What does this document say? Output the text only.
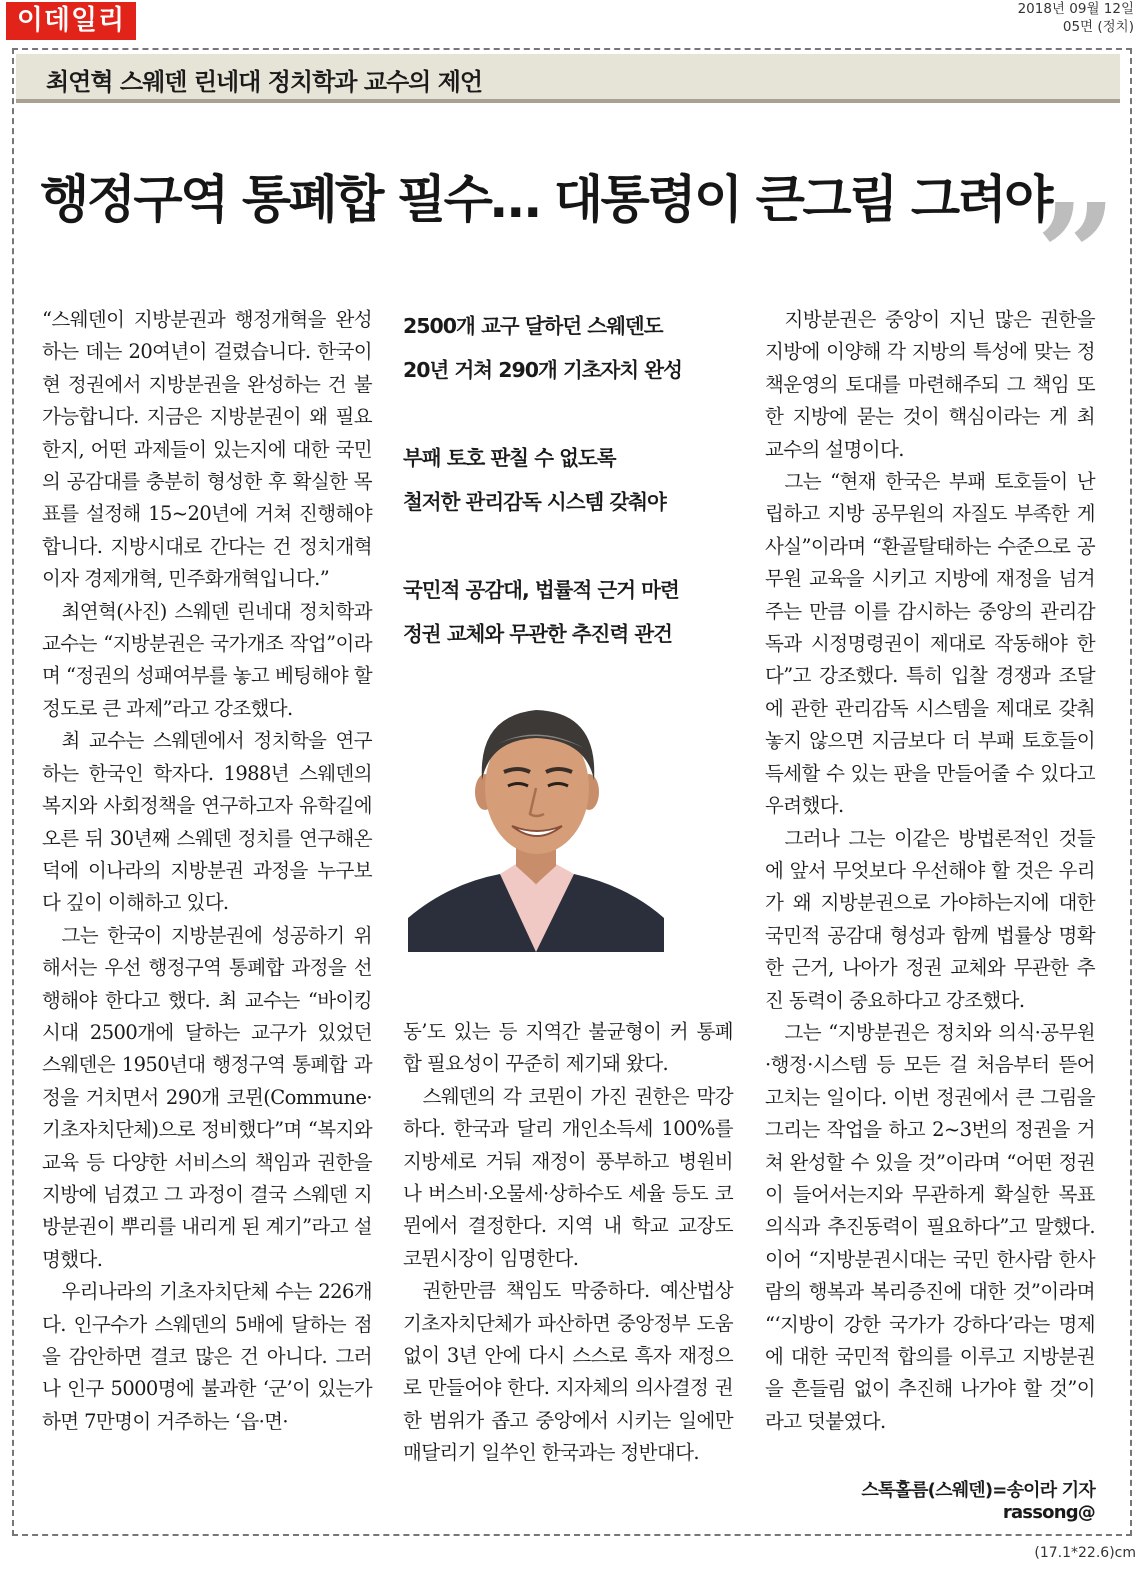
이데일리	2018년 09월 12일
05면 (정치)
최연혁 스웨덴 린네대 정치학과 교수의 제언
행정구역 통폐합 필수… 대통령이 큰그림 그려야
”

“스웨덴이 지방분권과 행정개혁을 완성하는 데는 20여년이 걸렸습니다. 한국이 현 정권에서 지방분권을 완성하는 건 불가능합니다. 지금은 지방분권이 왜 필요한지, 어떤 과제들이 있는지에 대한 국민의 공감대를 충분히 형성한 후 확실한 목표를 설정해 15~20년에 거쳐 진행해야 합니다. 지방시대로 간다는 건 정치개혁이자 경제개혁, 민주화개혁입니다.”

최연혁(사진) 스웨덴 린네대 정치학과 교수는 “지방분권은 국가개조 작업”이라며 “정권의 성패여부를 놓고 베팅해야 할 정도로 큰 과제”라고 강조했다.

최 교수는 스웨덴에서 정치학을 연구하는 한국인 학자다. 1988년 스웨덴의 복지와 사회정책을 연구하고자 유학길에 오른 뒤 30년째 스웨덴 정치를 연구해온 덕에 이나라의 지방분권 과정을 누구보다 깊이 이해하고 있다.

그는 한국이 지방분권에 성공하기 위해서는 우선 행정구역 통폐합 과정을 선행해야 한다고 했다. 최 교수는 “바이킹 시대 2500개에 달하는 교구가 있었던 스웨덴은 1950년대 행정구역 통폐합 과정을 거치면서 290개 코뮌(Commune·기초자치단체)으로 정비했다”며 “복지와 교육 등 다양한 서비스의 책임과 권한을 지방에 넘겼고 그 과정이 결국 스웨덴 지방분권이 뿌리를 내리게 된 계기”라고 설명했다.

우리나라의 기초자치단체 수는 226개다. 인구수가 스웨덴의 5배에 달하는 점을 감안하면 결코 많은 건 아니다. 그러나 인구 5000명에 불과한 ‘군’이 있는가 하면 7만명이 거주하는 ‘읍·면·

2500개 교구 달하던 스웨덴도
20년 거쳐 290개 기초자치 완성
부패 토호 판칠 수 없도록
철저한 관리감독 시스템 갖춰야
국민적 공감대, 법률적 근거 마련
정권 교체와 무관한 추진력 관건

동’도 있는 등 지역간 불균형이 커 통폐합 필요성이 꾸준히 제기돼 왔다.

스웨덴의 각 코뮌이 가진 권한은 막강하다. 한국과 달리 개인소득세 100%를 지방세로 거둬 재정이 풍부하고 병원비나 버스비·오물세·상하수도 세율 등도 코뮌에서 결정한다. 지역 내 학교 교장도 코뮌시장이 임명한다.

권한만큼 책임도 막중하다. 예산법상 기초자치단체가 파산하면 중앙정부 도움 없이 3년 안에 다시 스스로 흑자 재정으로 만들어야 한다. 지자체의 의사결정 권한 범위가 좁고 중앙에서 시키는 일에만 매달리기 일쑤인 한국과는 정반대다.

지방분권은 중앙이 지닌 많은 권한을 지방에 이양해 각 지방의 특성에 맞는 정책운영의 토대를 마련해주되 그 책임 또한 지방에 묻는 것이 핵심이라는 게 최 교수의 설명이다.

그는 “현재 한국은 부패 토호들이 난립하고 지방 공무원의 자질도 부족한 게 사실”이라며 “환골탈태하는 수준으로 공무원 교육을 시키고 지방에 재정을 넘겨주는 만큼 이를 감시하는 중앙의 관리감독과 시정명령권이 제대로 작동해야 한다”고 강조했다. 특히 입찰 경쟁과 조달에 관한 관리감독 시스템을 제대로 갖춰놓지 않으면 지금보다 더 부패 토호들이 득세할 수 있는 판을 만들어줄 수 있다고 우려했다.

그러나 그는 이같은 방법론적인 것들에 앞서 무엇보다 우선해야 할 것은 우리가 왜 지방분권으로 가야하는지에 대한 국민적 공감대 형성과 함께 법률상 명확한 근거, 나아가 정권 교체와 무관한 추진 동력이 중요하다고 강조했다.

그는 “지방분권은 정치와 의식·공무원·행정·시스템 등 모든 걸 처음부터 뜯어고치는 일이다. 이번 정권에서 큰 그림을 그리는 작업을 하고 2~3번의 정권을 거쳐 완성할 수 있을 것”이라며 “어떤 정권이 들어서는지와 무관하게 확실한 목표의식과 추진동력이 필요하다”고 말했다. 이어 “지방분권시대는 국민 한사람 한사람의 행복과 복리증진에 대한 것”이라며 “‘지방이 강한 국가가 강하다’라는 명제에 대한 국민적 합의를 이루고 지방분권을 흔들림 없이 추진해 나가야 할 것”이라고 덧붙였다.

스톡홀름(스웨덴)=송이라 기자 rassong@
(17.1*22.6)cm
